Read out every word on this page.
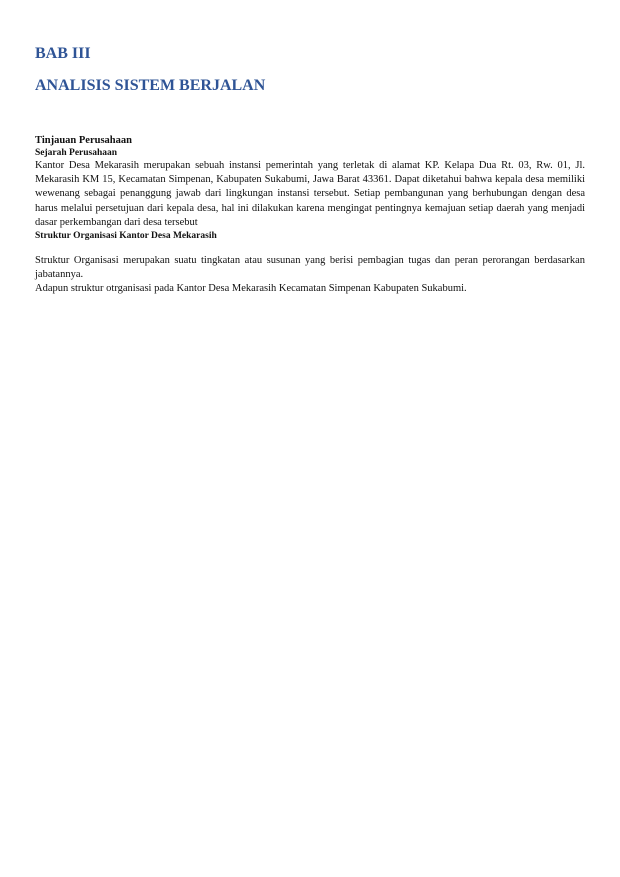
BAB III
ANALISIS SISTEM BERJALAN
Tinjauan Perusahaan
Sejarah Perusahaan

Kantor Desa Mekarasih merupakan sebuah instansi pemerintah yang terletak di alamat KP. Kelapa Dua Rt. 03, Rw. 01, Jl. Mekarasih KM 15, Kecamatan Simpenan, Kabupaten Sukabumi, Jawa Barat 43361. Dapat diketahui bahwa kepala desa memiliki wewenang sebagai penanggung jawab dari lingkungan instansi tersebut. Setiap pembangunan yang berhubungan dengan desa harus melalui persetujuan dari kepala desa, hal ini dilakukan karena mengingat pentingnya kemajuan setiap daerah yang menjadi dasar perkembangan dari desa tersebut

Struktur Organisasi Kantor Desa Mekarasih

Struktur Organisasi merupakan suatu tingkatan atau susunan yang berisi pembagian tugas dan peran perorangan berdasarkan jabatannya.

Adapun struktur otrganisasi pada Kantor Desa Mekarasih Kecamatan Simpenan Kabupaten Sukabumi.
